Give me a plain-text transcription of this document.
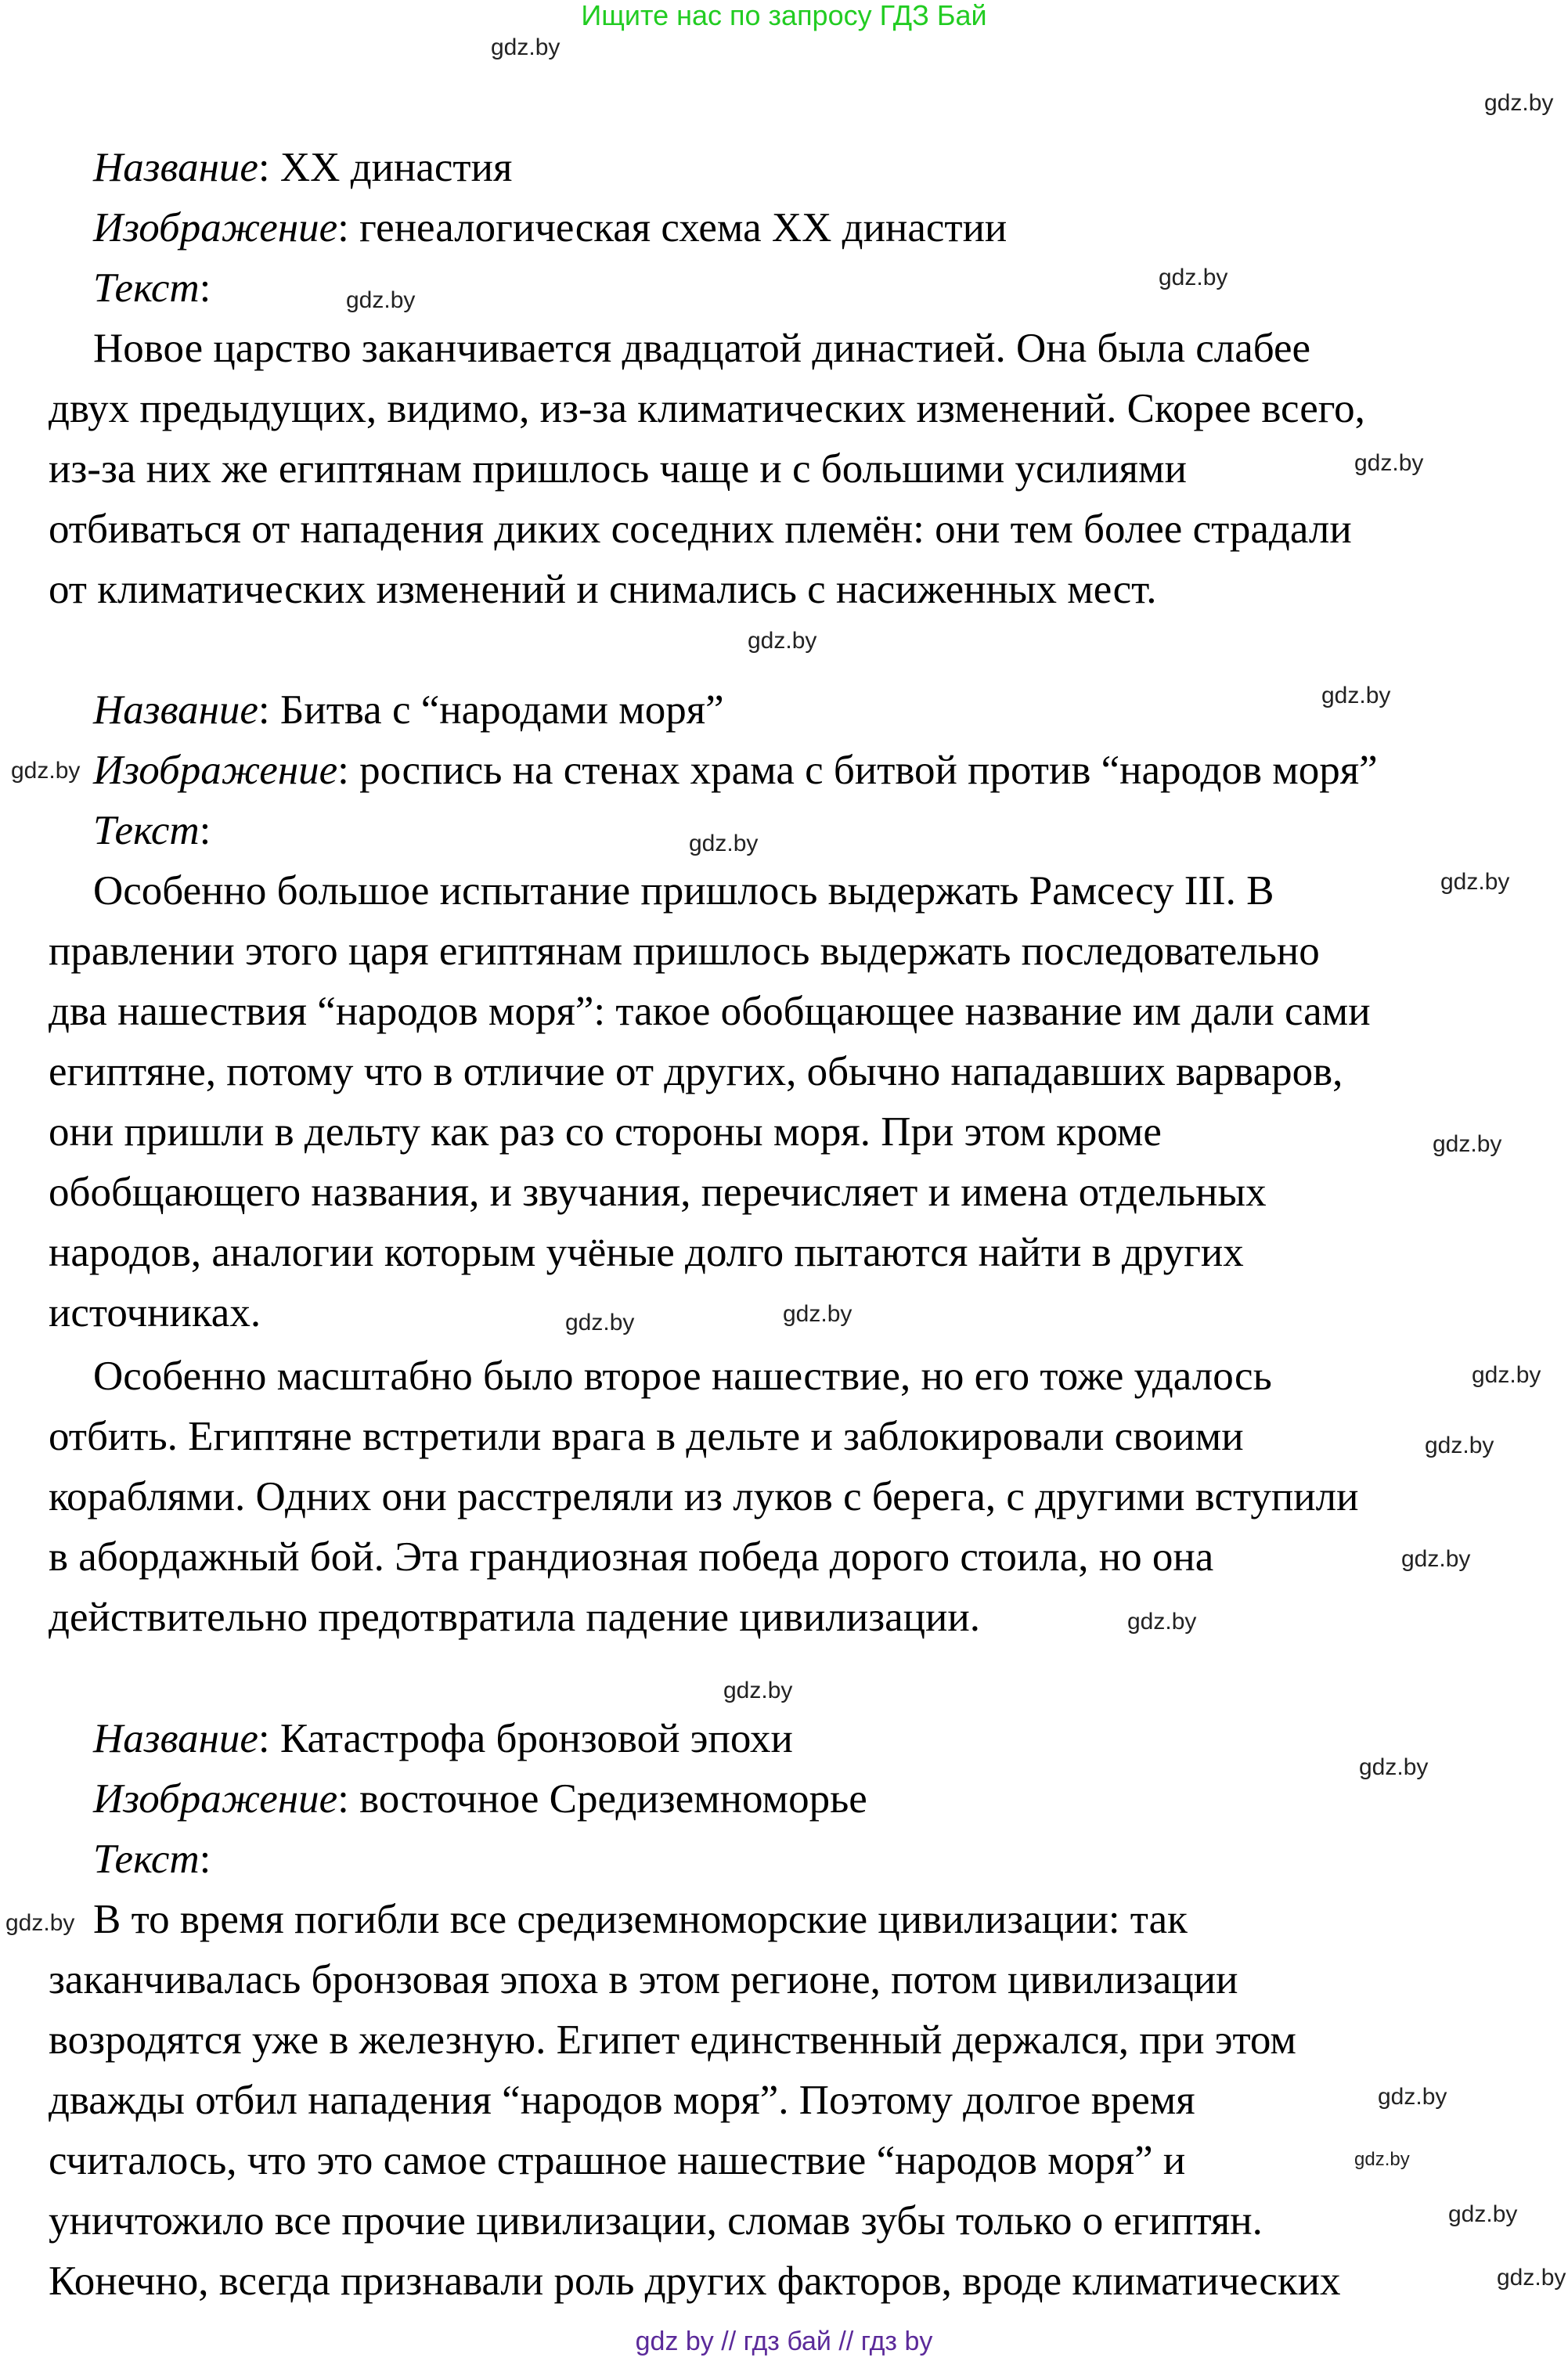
Ищите нас по запросу ГДЗ Бай
Название: XX династия
Изображение: генеалогическая схема XX династии
Текст:
Новое царство заканчивается двадцатой династией. Она была слабее
двух предыдущих, видимо, из-за климатических изменений. Скорее всего,
из-за них же египтянам пришлось чаще и с большими усилиями
отбиваться от нападения диких соседних племён: они тем более страдали
от климатических изменений и снимались с насиженных мест.
Название: Битва с “народами моря”
Изображение: роспись на стенах храма с битвой против “народов моря”
Текст:
Особенно большое испытание пришлось выдержать Рамсесу III. В
правлении этого царя египтянам пришлось выдержать последовательно
два нашествия “народов моря”: такое обобщающее название им дали сами
египтяне, потому что в отличие от других, обычно нападавших варваров,
они пришли в дельту как раз со стороны моря. При этом кроме
обобщающего названия, и звучания, перечисляет и имена отдельных
народов, аналогии которым учёные долго пытаются найти в других
источниках.
Особенно масштабно было второе нашествие, но его тоже удалось
отбить. Египтяне встретили врага в дельте и заблокировали своими
кораблями. Одних они расстреляли из луков с берега, с другими вступили
в абордажный бой. Эта грандиозная победа дорого стоила, но она
действительно предотвратила падение цивилизации.
Название: Катастрофа бронзовой эпохи
Изображение: восточное Средиземноморье
Текст:
В то время погибли все средиземноморские цивилизации: так
заканчивалась бронзовая эпоха в этом регионе, потом цивилизации
возродятся уже в железную. Египет единственный держался, при этом
дважды отбил нападения “народов моря”. Поэтому долгое время
считалось, что это самое страшное нашествие “народов моря” и
уничтожило все прочие цивилизации, сломав зубы только о египтян.
Конечно, всегда признавали роль других факторов, вроде климатических
gdz.by
gdz.by
gdz.by
gdz.by
gdz.by
gdz.by
gdz.by
gdz.by
gdz.by
gdz.by
gdz.by
gdz.by
gdz.by
gdz.by
gdz.by
gdz.by
gdz.by
gdz.by
gdz.by
gdz.by
gdz.by
gdz.by
gdz.by
gdz.by
gdz by // гдз бай // гдз by
